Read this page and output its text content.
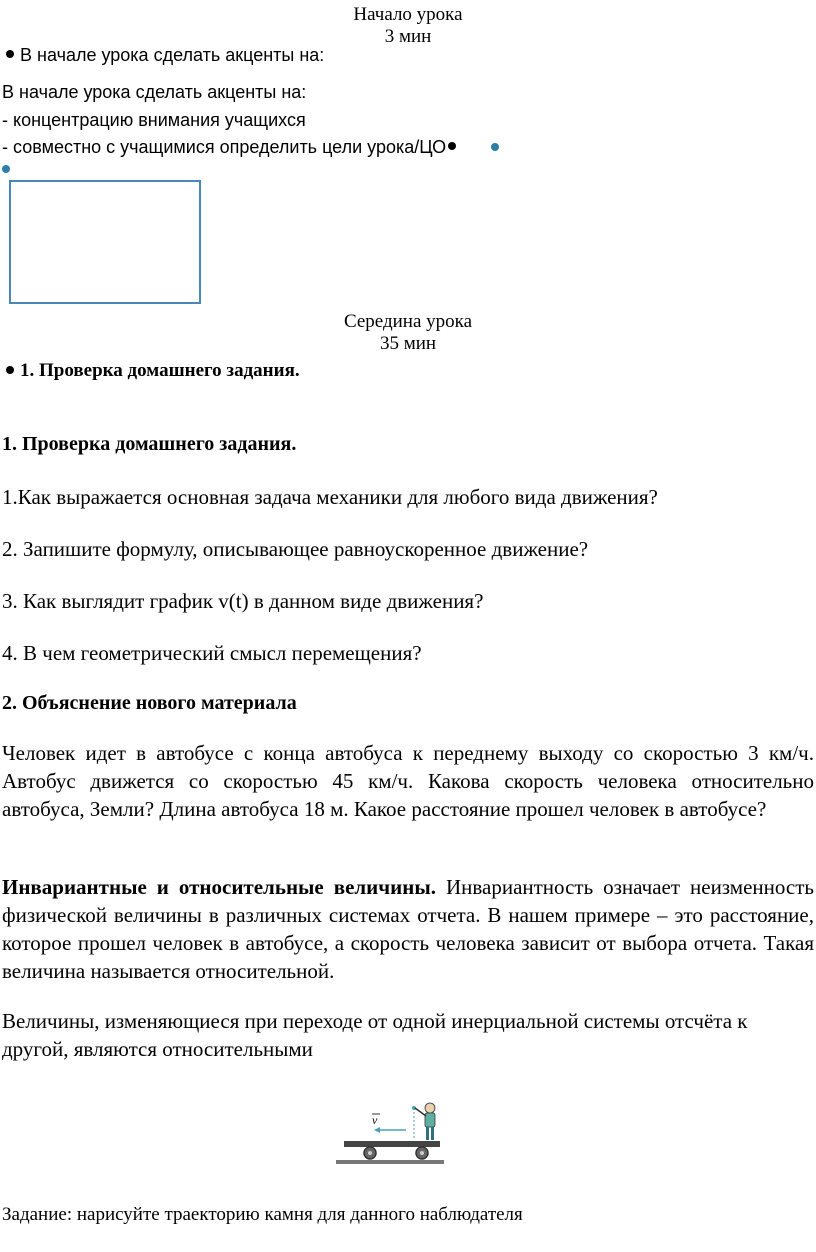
Начало урока
3 мин
В начале урока сделать акценты на:
В начале урока сделать акценты на:
- концентрацию внимания учащихся
- совместно с учащимися определить цели урока/ЦО
Середина урока
35 мин
1. Проверка домашнего задания.
1. Проверка домашнего задания.
1.Как выражается основная задача механики для любого вида движения?
2. Запишите формулу, описывающее равноускоренное движение?
3. Как выглядит график v(t) в данном виде движения?
4. В чем геометрический смысл перемещения?
2. Объяснение нового материала
Человек идет в автобусе с конца автобуса к переднему выходу со скоростью 3 км/ч. Автобус движется со скоростью 45 км/ч. Какова скорость человека относительно автобуса, Земли? Длина автобуса 18 м. Какое расстояние прошел человек в автобусе?
Инвариантные и относительные величины. Инвариантность означает неизменность физической величины в различных системах отчета. В нашем примере – это расстояние, которое прошел человек в автобусе, а скорость человека зависит от выбора отчета. Такая величина называется относительной.
Величины, изменяющиеся при переходе от одной инерциальной системы отсчёта к другой, являются относительными
v
Задание: нарисуйте траекторию камня для данного наблюдателя
